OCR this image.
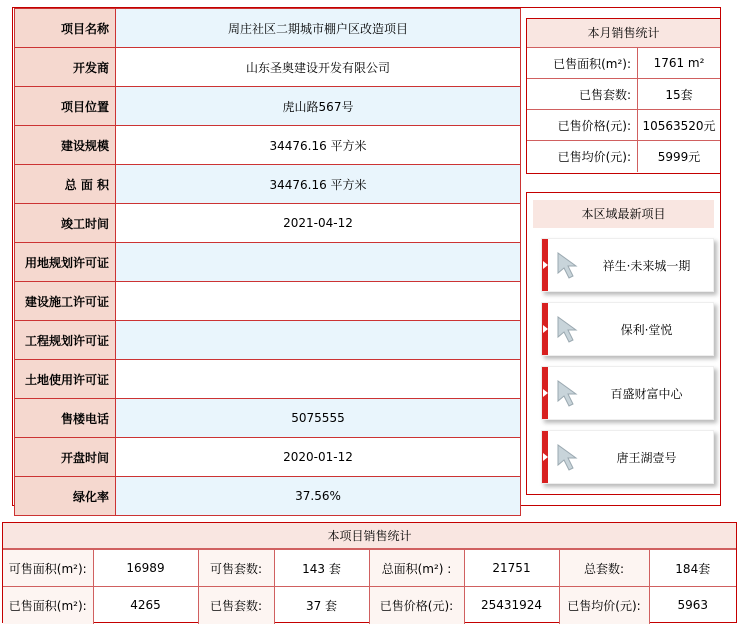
项目名称	周庄社区二期城市棚户区改造项目
开发商	山东圣奥建设开发有限公司
项目位置	虎山路567号
建设规模	34476.16 平方米
总 面 积	34476.16 平方米
竣工时间	2021-04-12
用地规划许可证	
建设施工许可证	
工程规划许可证	
土地使用许可证	
售楼电话	5075555
开盘时间	2020-01-12
绿化率	37.56%
本月销售统计
已售面积(m²):	1761 m²
已售套数:	15套
已售价格(元): 10563520元
已售均价(元):	5999元
本区域最新项目
祥生·未来城一期
保利·堂悦
百盛财富中心
唐王湖壹号
本项目销售统计
可售面积(m²):	16989	可售套数:	143 套	总面积(m²) :	21751	总套数:	184套
已售面积(m²):	4265	已售套数:	37 套	已售价格(元):	25431924	已售均价(元):	5963
